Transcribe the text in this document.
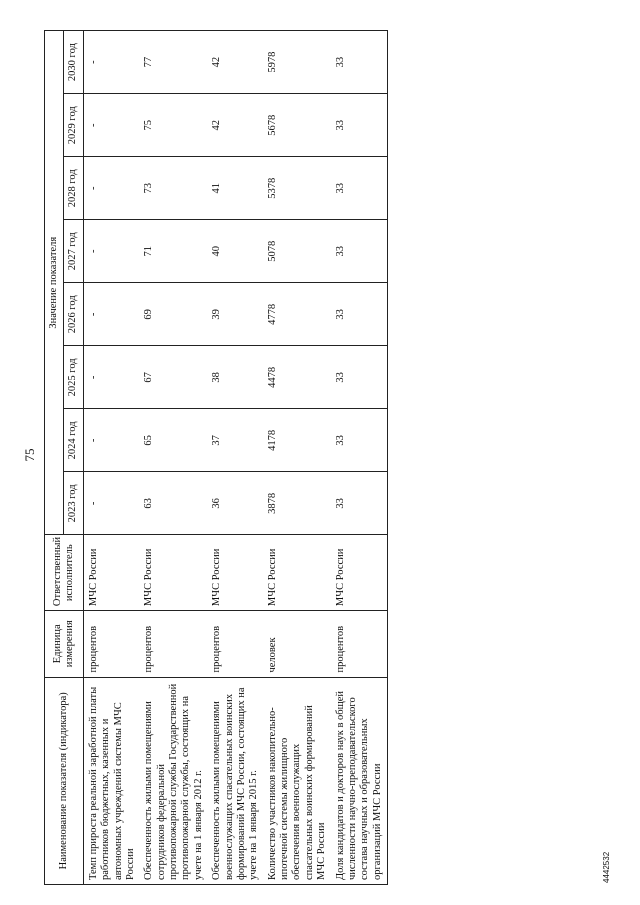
75
Наименование показателя (индикатора)	Единица измерения	Ответственный исполнитель	Значение показателя							
			2023 год	2024 год	2025 год	2026 год	2027 год	2028 год	2029 год	2030 год
Темп прироста реальной заработной платы работников бюджетных, казенных и автономных учреждений системы МЧС России	процентов	МЧС России	-	-	-	-	-	-	-	-
Обеспеченность жилыми помещениями сотрудников федеральной противопожарной службы Государственной противопожарной службы, состоящих на учете на 1 января 2012 г.	процентов	МЧС России	63	65	67	69	71	73	75	77
Обеспеченность жилыми помещениями военнослужащих спасательных воинских формирований МЧС России, состоящих на учете на 1 января 2015 г.	процентов	МЧС России	36	37	38	39	40	41	42	42
Количество участников накопительно-ипотечной системы жилищного обеспечения военнослужащих спасательных воинских формирований МЧС России	человек	МЧС России	3878	4178	4478	4778	5078	5378	5678	5978
Доля кандидатов и докторов наук в общей численности научно-преподавательского состава научных и образовательных организаций МЧС России	процентов	МЧС России	33	33	33	33	33	33	33	33
4442532
